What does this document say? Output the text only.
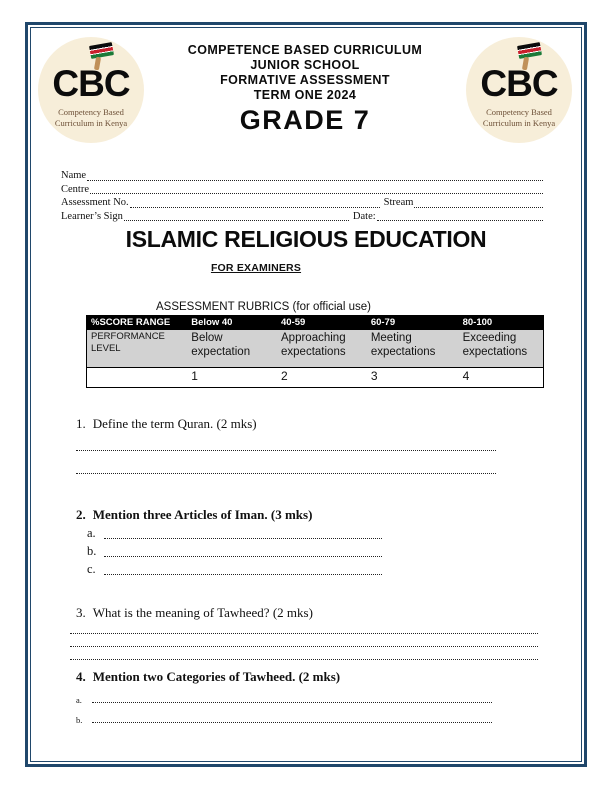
CBC
Competency Based
Curriculum in Kenya
COMPETENCE BASED CURRICULUM
JUNIOR SCHOOL
FORMATIVE ASSESSMENT
TERM ONE 2024
GRADE 7
CBC
Competency Based
Curriculum in Kenya
Name
Centre
Assessment No.	Stream
Learner’s Sign	Date:
ISLAMIC RELIGIOUS EDUCATION
FOR EXAMINERS
ASSESSMENT RUBRICS (for official use)
%SCORE RANGE	Below 40	40-59	60-79	80-100
PERFORMANCE LEVEL	Below expectation	Approaching expectations	Meeting expectations	Exceeding expectations
	1	2	3	4
1. Define the term Quran. (2 mks)
2. Mention three Articles of Iman. (3 mks)
a.
b.
c.
3. What is the meaning of Tawheed? (2 mks)
4. Mention two Categories of Tawheed. (2 mks)
a.
b.
